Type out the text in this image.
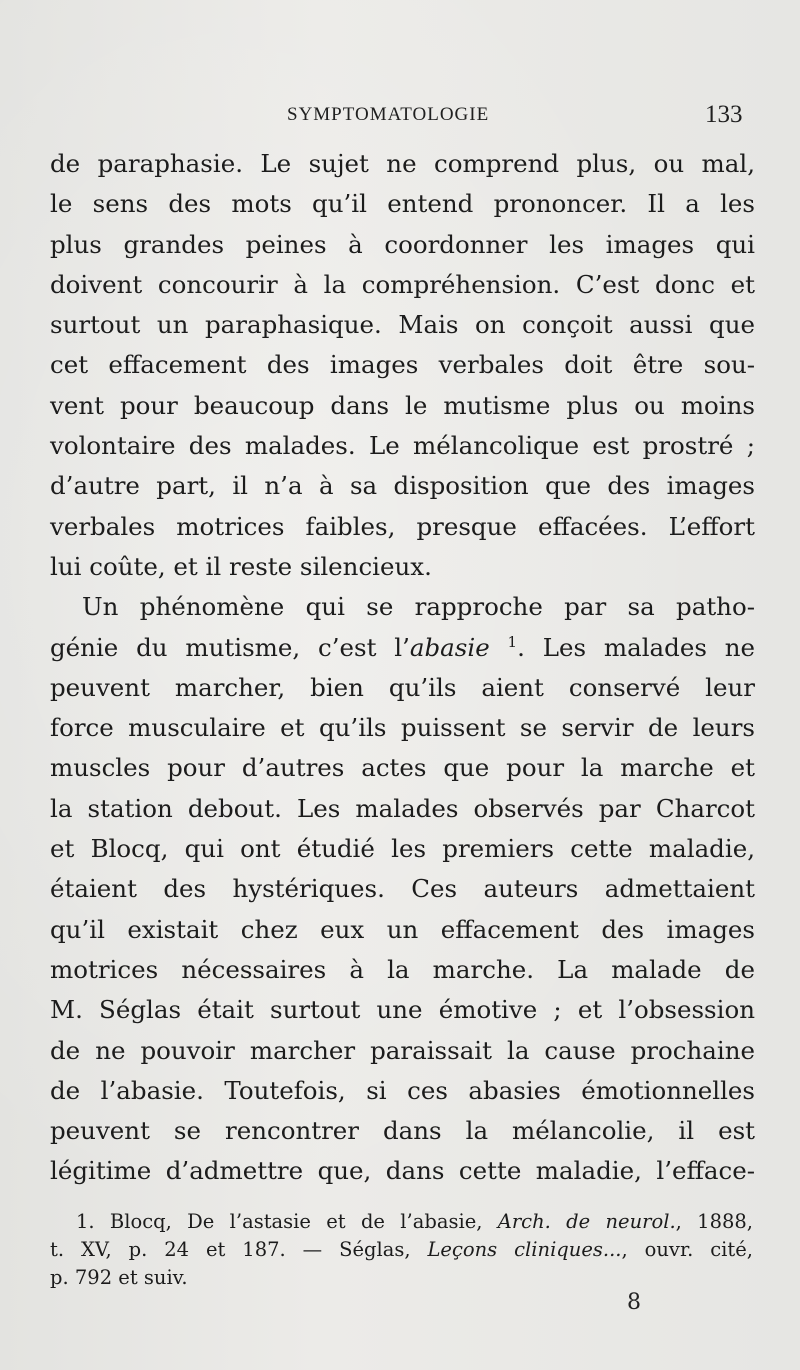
SYMPTOMATOLOGIE	133
de paraphasie. Le sujet ne comprend plus, ou mal,
le sens des mots qu’il entend prononcer. Il a les
plus grandes peines à coordonner les images qui
doivent concourir à la compréhension. C’est donc et
surtout un paraphasique. Mais on conçoit aussi que
cet effacement des images verbales doit être sou-
vent pour beaucoup dans le mutisme plus ou moins
volontaire des malades. Le mélancolique est prostré ;
d’autre part, il n’a à sa disposition que des images
verbales motrices faibles, presque effacées. L’effort
lui coûte, et il reste silencieux.
Un phénomène qui se rapproche par sa patho-
génie du mutisme, c’est l’abasie $^1$. Les malades ne
peuvent marcher, bien qu’ils aient conservé leur
force musculaire et qu’ils puissent se servir de leurs
muscles pour d’autres actes que pour la marche et
la station debout. Les malades observés par Charcot
et Blocq, qui ont étudié les premiers cette maladie,
étaient des hystériques. Ces auteurs admettaient
qu’il existait chez eux un effacement des images
motrices nécessaires à la marche. La malade de
M. Séglas était surtout une émotive ; et l’obsession
de ne pouvoir marcher paraissait la cause prochaine
de l’abasie. Toutefois, si ces abasies émotionnelles
peuvent se rencontrer dans la mélancolie, il est
légitime d’admettre que, dans cette maladie, l’efface-
1. Blocq, De l’astasie et de l’abasie, Arch. de neurol., 1888,
t. XV, p. 24 et 187. — Séglas, Leçons cliniques..., ouvr. cité,
p. 792 et suiv.
8
